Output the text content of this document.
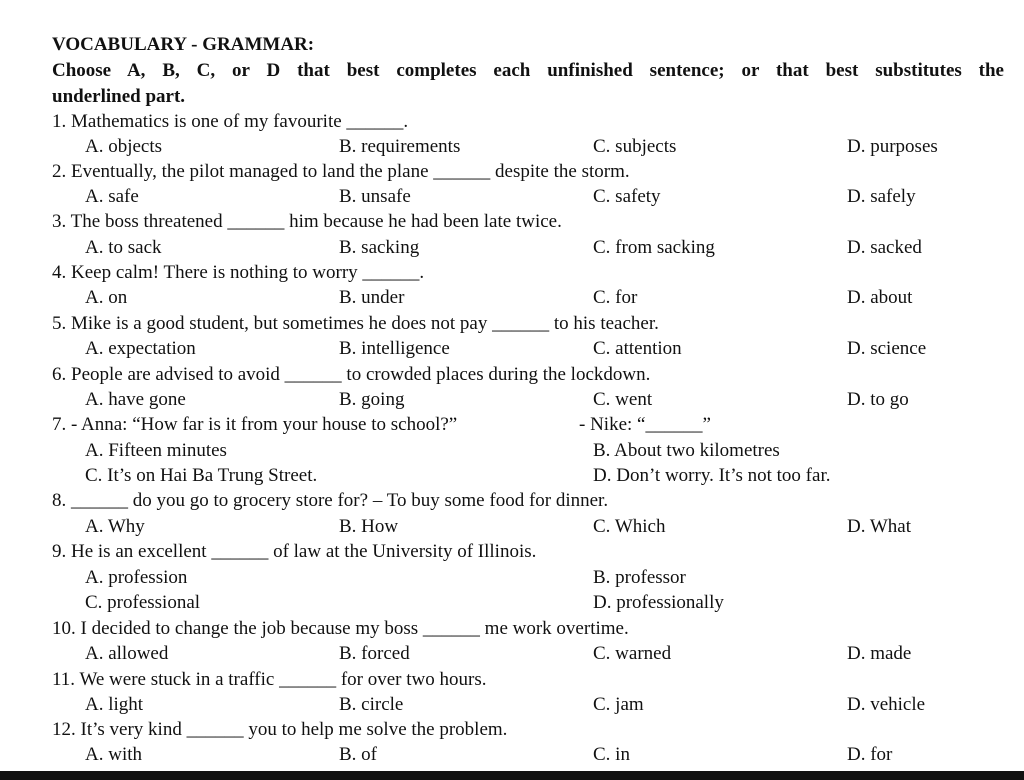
VOCABULARY - GRAMMAR:
Choose A, B, C, or D that best completes each unfinished sentence; or that best substitutes the
underlined part.
1. Mathematics is one of my favourite ______.
A. objects	B. requirements	C. subjects	D. purposes
2. Eventually, the pilot managed to land the plane ______ despite the storm.
A. safe	B. unsafe	C. safety	D. safely
3. The boss threatened ______ him because he had been late twice.
A. to sack	B. sacking	C. from sacking	D. sacked
4. Keep calm! There is nothing to worry ______.
A. on	B. under	C. for	D. about
5. Mike is a good student, but sometimes he does not pay ______ to his teacher.
A. expectation	B. intelligence	C. attention	D. science
6. People are advised to avoid ______ to crowded places during the lockdown.
A. have gone	B. going	C. went	D. to go
7. - Anna: “How far is it from your house to school?”	- Nike: “______”
A. Fifteen minutes	B. About two kilometres
C. It’s on Hai Ba Trung Street.	D. Don’t worry. It’s not too far.
8. ______ do you go to grocery store for? – To buy some food for dinner.
A. Why	B. How	C. Which	D. What
9. He is an excellent ______ of law at the University of Illinois.
A. profession	B. professor
C. professional	D. professionally
10. I decided to change the job because my boss ______ me work overtime.
A. allowed	B. forced	C. warned	D. made
11. We were stuck in a traffic ______ for over two hours.
A. light	B. circle	C. jam	D. vehicle
12. It’s very kind ______ you to help me solve the problem.
A. with	B. of	C. in	D. for
